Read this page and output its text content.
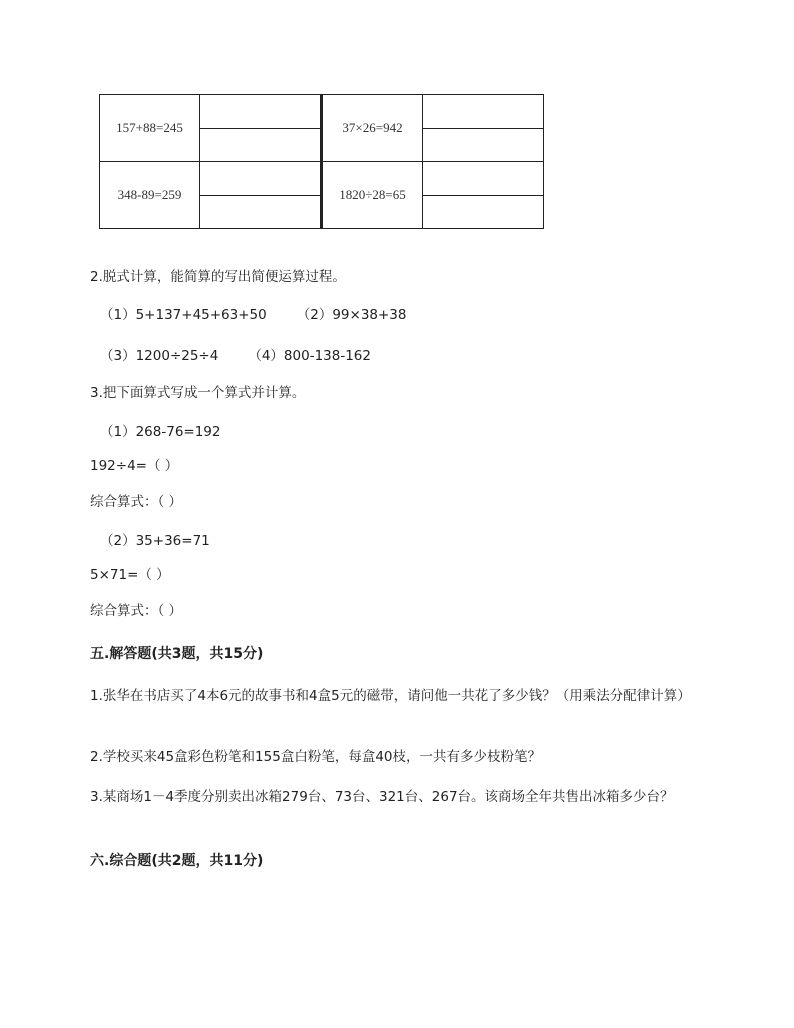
157+88=245		37×26=942	

348-89=259		1820÷28=65	
2.脱式计算，能简算的写出简便运算过程。
（1）5+137+45+63+50 （2）99×38+38
（3）1200÷25÷4 （4）800-138-162
3.把下面算式写成一个算式并计算。
（1）268-76=192
192÷4=（ ）
综合算式：（ ）
（2）35+36=71
5×71=（ ）
综合算式：（ ）
五.解答题(共3题，共15分)
1.张华在书店买了4本6元的故事书和4盒5元的磁带，请问他一共花了多少钱？（用乘法分配律计算）
2.学校买来45盒彩色粉笔和155盒白粉笔，每盒40枝，一共有多少枝粉笔？
3.某商场1－4季度分别卖出冰箱279台、73台、321台、267台。该商场全年共售出冰箱多少台？
六.综合题(共2题，共11分)
